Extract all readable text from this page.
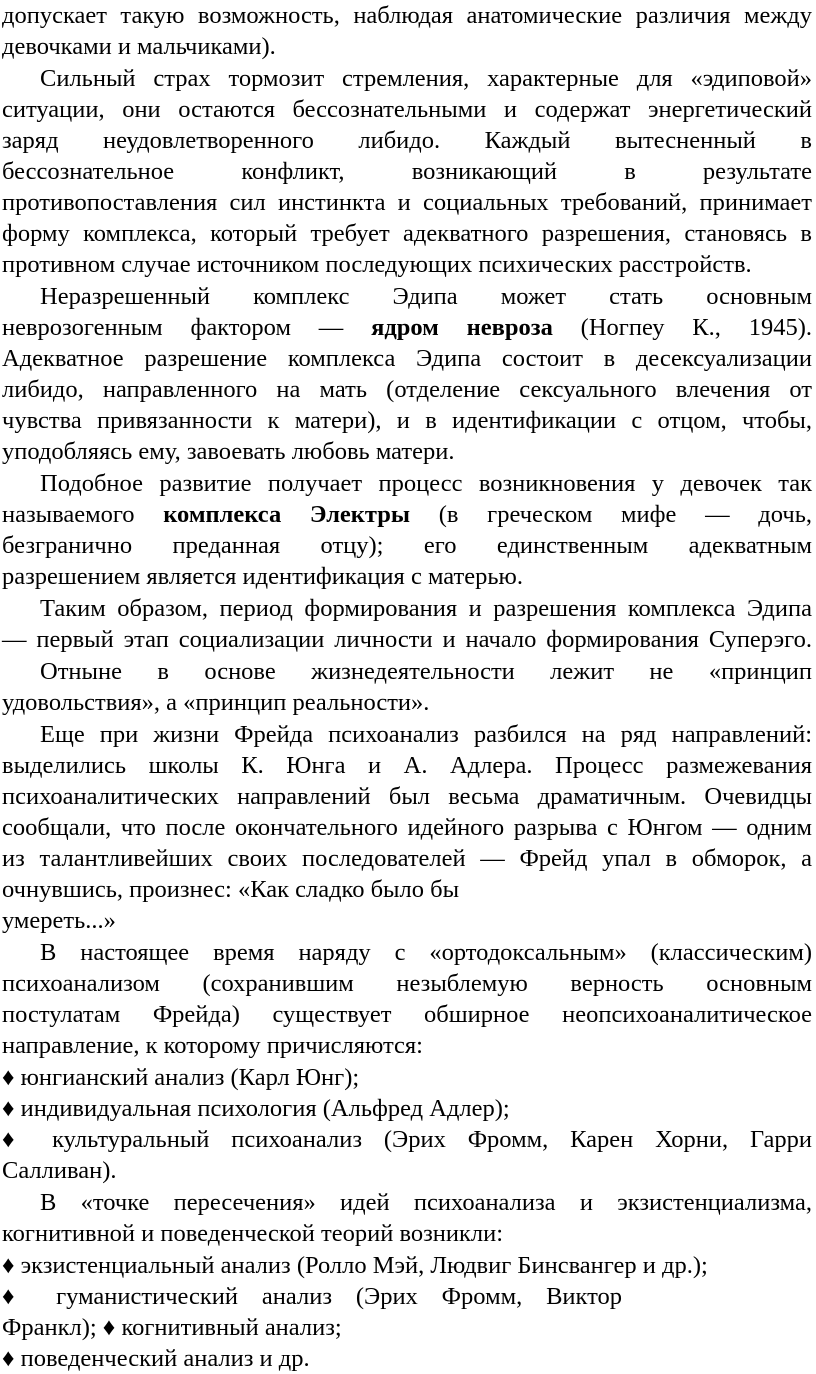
допускает такую возможность, наблюдая анатомические различия между
девочками и мальчиками).
Сильный страх тормозит стремления, характерные для «эдиповой»
ситуации, они остаются бессознательными и содержат энергетический
заряд неудовлетворенного либидо. Каждый вытесненный в
бессознательное конфликт, возникающий в результате
противопоставления сил инстинкта и социальных требований, принимает
форму комплекса, который требует адекватного разрешения, становясь в
противном случае источником последующих психических расстройств.
Неразрешенный комплекс Эдипа может стать основным
неврозогенным фактором — ядром невроза (Ногпеу К., 1945).
Адекватное разрешение комплекса Эдипа состоит в десексуализации
либидо, направленного на мать (отделение сексуального влечения от
чувства привязанности к матери), и в идентификации с отцом, чтобы,
уподобляясь ему, завоевать любовь матери.
Подобное развитие получает процесс возникновения у девочек так
называемого комплекса Электры (в греческом мифе — дочь,
безгранично преданная отцу); его единственным адекватным
разрешением является идентификация с матерью.
Таким образом, период формирования и разрешения комплекса Эдипа
— первый этап социализации личности и начало формирования Суперэго.
Отныне в основе жизнедеятельности лежит не «принцип
удовольствия», а «принцип реальности».
Еще при жизни Фрейда психоанализ разбился на ряд направлений:
выделились школы К. Юнга и А. Адлера. Процесс размежевания
психоаналитических направлений был весьма драматичным. Очевидцы
сообщали, что после окончательного идейного разрыва с Юнгом — одним
из талантливейших своих последователей — Фрейд упал в обморок, а
очнувшись, произнес: «Как сладко было бы
умереть...»
В настоящее время наряду с «ортодоксальным» (классическим)
психоанализом (сохранившим незыблемую верность основным
постулатам Фрейда) существует обширное неопсихоаналитическое
направление, к которому причисляются:
♦ юнгианский анализ (Карл Юнг);
♦ индивидуальная психология (Альфред Адлер);
♦ культуральный психоанализ (Эрих Фромм, Карен Хорни, Гарри
Салливан).
В «точке пересечения» идей психоанализа и экзистенциализма,
когнитивной и поведенческой теорий возникли:
♦ экзистенциальный анализ (Ролло Мэй, Людвиг Бинсвангер и др.);
♦ гуманистический анализ (Эрих Фромм, Виктор
Франкл); ♦ когнитивный анализ;
♦ поведенческий анализ и др.
